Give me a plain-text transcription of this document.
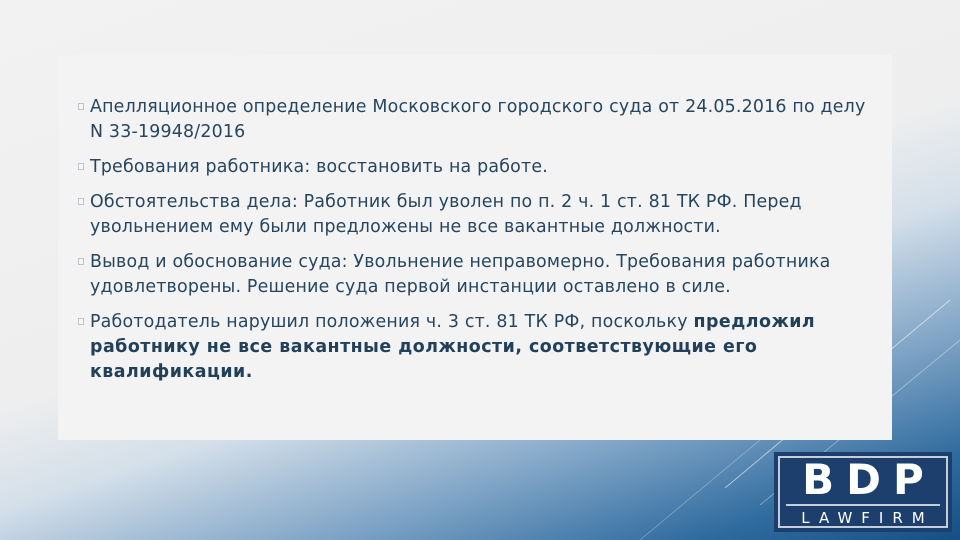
Апелляционное определение Московского городского суда от 24.05.2016 по делу N 33-19948/2016
Требования работника: восстановить на работе.
Обстоятельства дела: Работник был уволен по п. 2 ч. 1 ст. 81 ТК РФ. Перед увольнением ему были предложены не все вакантные должности.
Вывод и обоснование суда: Увольнение неправомерно. Требования работника удовлетворены. Решение суда первой инстанции оставлено в силе.
Работодатель нарушил положения ч. 3 ст. 81 ТК РФ, поскольку предложил работнику не все вакантные должности, соответствующие его квалификации.
BDP
LAWFIRM
